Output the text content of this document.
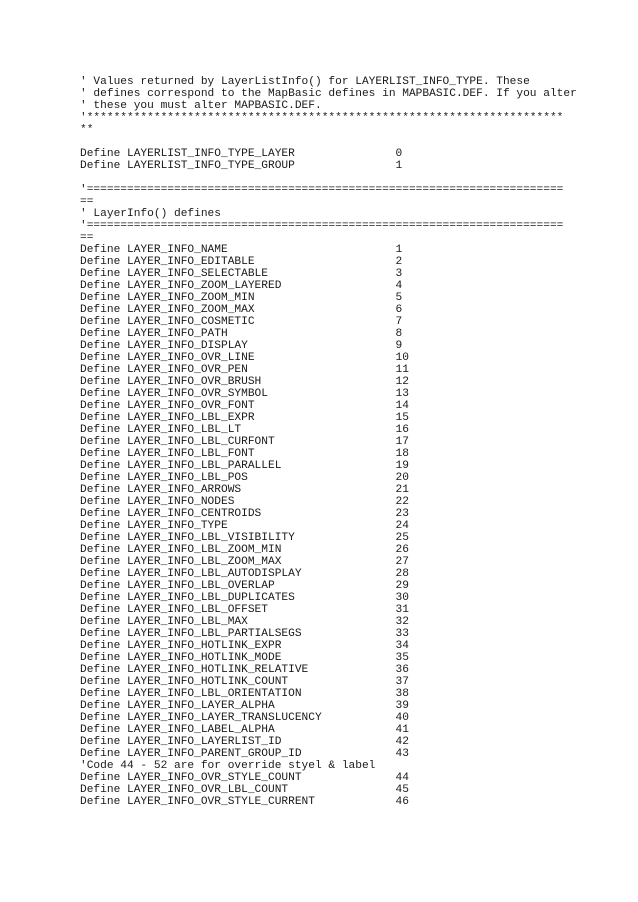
' Values returned by LayerListInfo() for LAYERLIST_INFO_TYPE. These
' defines correspond to the MapBasic defines in MAPBASIC.DEF. If you alter
' these you must alter MAPBASIC.DEF.
'***********************************************************************
**
Define LAYERLIST_INFO_TYPE_LAYER               0
Define LAYERLIST_INFO_TYPE_GROUP               1
'=======================================================================
==
' LayerInfo() defines
'=======================================================================
==
Define LAYER_INFO_NAME                         1
Define LAYER_INFO_EDITABLE                     2
Define LAYER_INFO_SELECTABLE                   3
Define LAYER_INFO_ZOOM_LAYERED                 4
Define LAYER_INFO_ZOOM_MIN                     5
Define LAYER_INFO_ZOOM_MAX                     6
Define LAYER_INFO_COSMETIC                     7
Define LAYER_INFO_PATH                         8
Define LAYER_INFO_DISPLAY                      9
Define LAYER_INFO_OVR_LINE                     10
Define LAYER_INFO_OVR_PEN                      11
Define LAYER_INFO_OVR_BRUSH                    12
Define LAYER_INFO_OVR_SYMBOL                   13
Define LAYER_INFO_OVR_FONT                     14
Define LAYER_INFO_LBL_EXPR                     15
Define LAYER_INFO_LBL_LT                       16
Define LAYER_INFO_LBL_CURFONT                  17
Define LAYER_INFO_LBL_FONT                     18
Define LAYER_INFO_LBL_PARALLEL                 19
Define LAYER_INFO_LBL_POS                      20
Define LAYER_INFO_ARROWS                       21
Define LAYER_INFO_NODES                        22
Define LAYER_INFO_CENTROIDS                    23
Define LAYER_INFO_TYPE                         24
Define LAYER_INFO_LBL_VISIBILITY               25
Define LAYER_INFO_LBL_ZOOM_MIN                 26
Define LAYER_INFO_LBL_ZOOM_MAX                 27
Define LAYER_INFO_LBL_AUTODISPLAY              28
Define LAYER_INFO_LBL_OVERLAP                  29
Define LAYER_INFO_LBL_DUPLICATES               30
Define LAYER_INFO_LBL_OFFSET                   31
Define LAYER_INFO_LBL_MAX                      32
Define LAYER_INFO_LBL_PARTIALSEGS              33
Define LAYER_INFO_HOTLINK_EXPR                 34
Define LAYER_INFO_HOTLINK_MODE                 35
Define LAYER_INFO_HOTLINK_RELATIVE             36
Define LAYER_INFO_HOTLINK_COUNT                37
Define LAYER_INFO_LBL_ORIENTATION              38
Define LAYER_INFO_LAYER_ALPHA                  39
Define LAYER_INFO_LAYER_TRANSLUCENCY           40
Define LAYER_INFO_LABEL_ALPHA                  41
Define LAYER_INFO_LAYERLIST_ID                 42
Define LAYER_INFO_PARENT_GROUP_ID              43
'Code 44 - 52 are for override styel & label
Define LAYER_INFO_OVR_STYLE_COUNT              44
Define LAYER_INFO_OVR_LBL_COUNT                45
Define LAYER_INFO_OVR_STYLE_CURRENT            46
